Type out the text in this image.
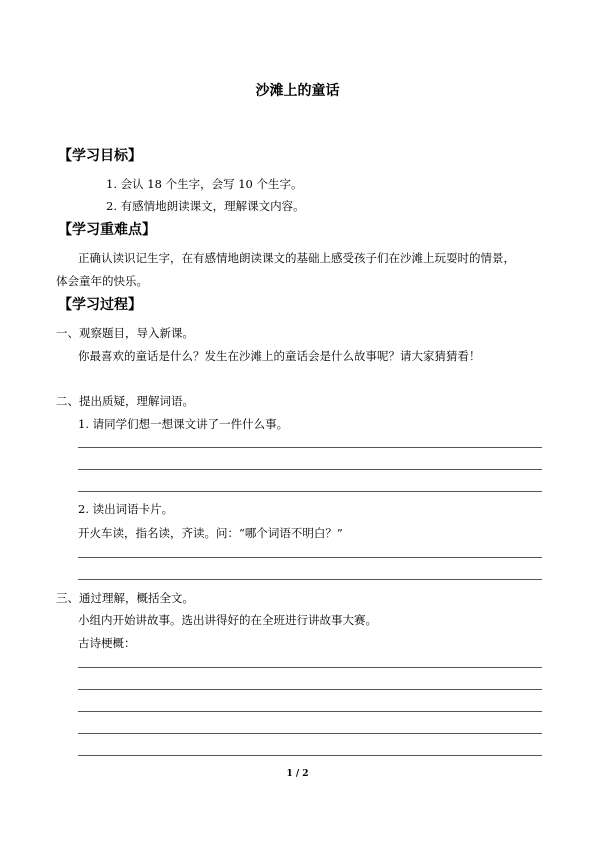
沙滩上的童话
【学习目标】
1. 会认 18 个生字，会写 10 个生字。
2. 有感情地朗读课文，理解课文内容。
【学习重难点】
正确认读识记生字，在有感情地朗读课文的基础上感受孩子们在沙滩上玩耍时的情景，
体会童年的快乐。
【学习过程】
一、观察题目，导入新课。
你最喜欢的童话是什么？发生在沙滩上的童话会是什么故事呢？请大家猜猜看！
二、提出质疑，理解词语。
1. 请同学们想一想课文讲了一件什么事。
2. 读出词语卡片。
开火车读，指名读，齐读。问：“哪个词语不明白？”
三、通过理解，概括全文。
小组内开始讲故事。选出讲得好的在全班进行讲故事大赛。
古诗梗概：
1 / 2
